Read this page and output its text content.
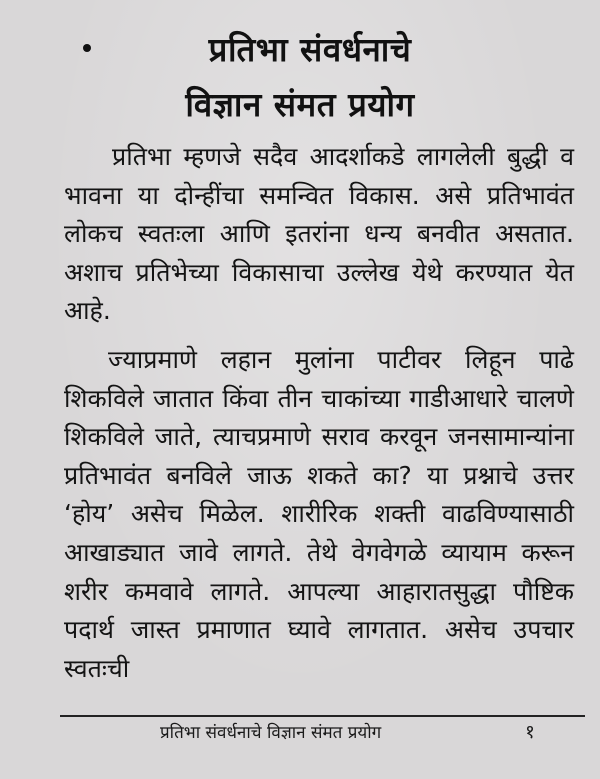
प्रतिभा संवर्धनाचे
विज्ञान संमत प्रयोग

प्रतिभा म्हणजे सदैव आदर्शाकडे लागलेली बुद्धी व भावना या दोन्हींचा समन्वित विकास. असे प्रतिभावंत लोकच स्वतःला आणि इतरांना धन्य बनवीत असतात. अशाच प्रतिभेच्या विकासाचा उल्लेख येथे करण्यात येत आहे.

ज्याप्रमाणे लहान मुलांना पाटीवर लिहून पाढे शिकविले जातात किंवा तीन चाकांच्या गाडीआधारे चालणे शिकविले जाते, त्याचप्रमाणे सराव करवून जनसामान्यांना प्रतिभावंत बनविले जाऊ शकते का? या प्रश्नाचे उत्तर ‘होय’ असेच मिळेल. शारीरिक शक्ती वाढविण्यासाठी आखाड्यात जावे लागते. तेथे वेगवेगळे व्यायाम करून शरीर कमवावे लागते. आपल्या आहारातसुद्धा पौष्टिक पदार्थ जास्त प्रमाणात घ्यावे लागतात. असेच उपचार स्वतःची

प्रतिभा संवर्धनाचे विज्ञान संमत प्रयोग	१
